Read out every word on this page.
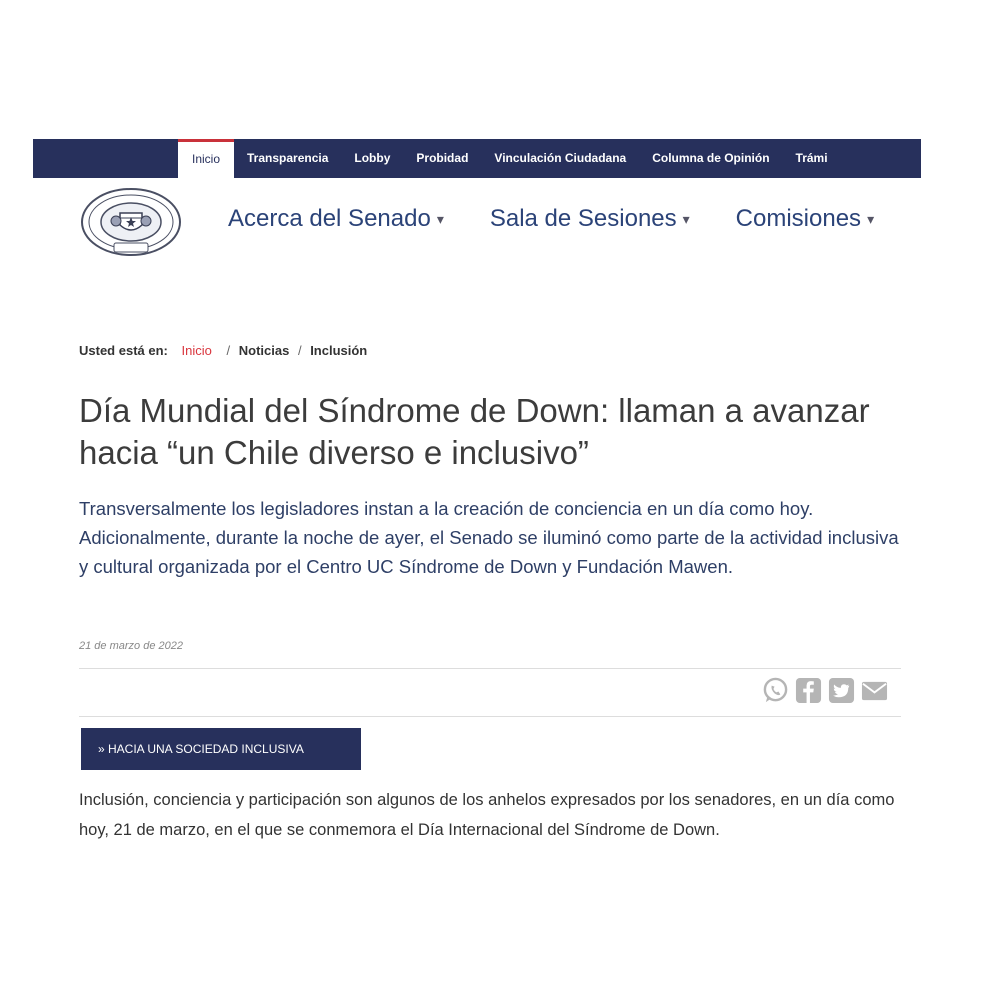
Inicio	Transparencia	Lobby	Probidad	Vinculación Ciudadana	Columna de Opinión	Trámi
Acerca del Senado ▾ Sala de Sesiones ▾ Comisiones ▾
Usted está en: Inicio / Noticias / Inclusión
Día Mundial del Síndrome de Down: llaman a avanzar hacia “un Chile diverso e inclusivo”
Transversalmente los legisladores instan a la creación de conciencia en un día como hoy. Adicionalmente, durante la noche de ayer, el Senado se iluminó como parte de la actividad inclusiva y cultural organizada por el Centro UC Síndrome de Down y Fundación Mawen.
21 de marzo de 2022
» HACIA UNA SOCIEDAD INCLUSIVA
Inclusión, conciencia y participación son algunos de los anhelos expresados por los senadores, en un día como hoy, 21 de marzo, en el que se conmemora el Día Internacional del Síndrome de Down.
